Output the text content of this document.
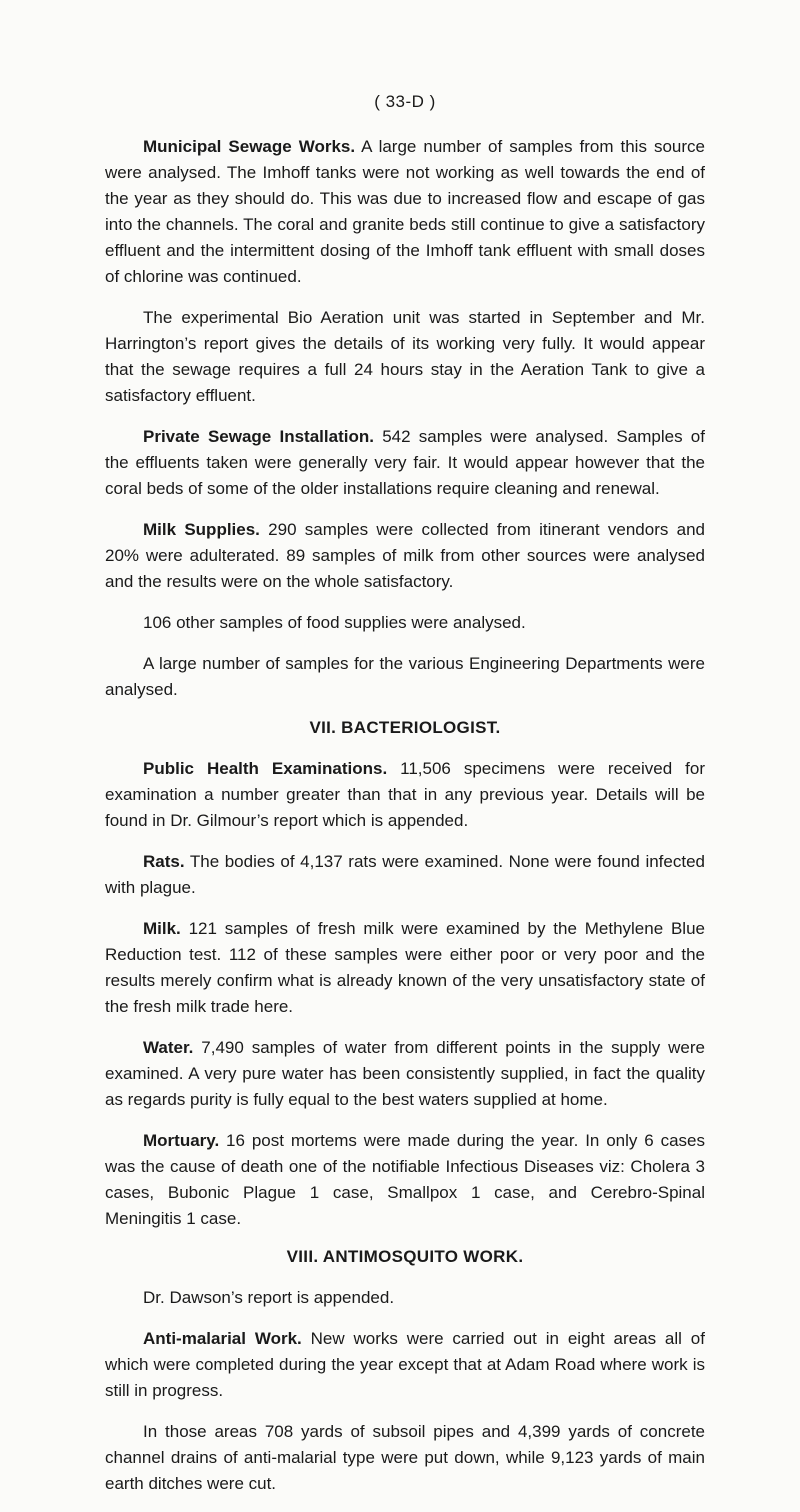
( 33-D )

Municipal Sewage Works. A large number of samples from this source were analysed. The Imhoff tanks were not working as well towards the end of the year as they should do. This was due to increased flow and escape of gas into the channels. The coral and granite beds still continue to give a satisfactory effluent and the intermittent dosing of the Imhoff tank effluent with small doses of chlorine was continued.

The experimental Bio Aeration unit was started in September and Mr. Harrington’s report gives the details of its working very fully. It would appear that the sewage requires a full 24 hours stay in the Aeration Tank to give a satisfactory effluent.

Private Sewage Installation. 542 samples were analysed. Samples of the effluents taken were generally very fair. It would appear however that the coral beds of some of the older installations require cleaning and renewal.

Milk Supplies. 290 samples were collected from itinerant vendors and 20% were adulterated. 89 samples of milk from other sources were analysed and the results were on the whole satisfactory.

106 other samples of food supplies were analysed.

A large number of samples for the various Engineering Departments were analysed.

VII. BACTERIOLOGIST.

Public Health Examinations. 11,506 specimens were received for examination a number greater than that in any previous year. Details will be found in Dr. Gilmour’s report which is appended.

Rats. The bodies of 4,137 rats were examined. None were found infected with plague.

Milk. 121 samples of fresh milk were examined by the Methylene Blue Reduction test. 112 of these samples were either poor or very poor and the results merely confirm what is already known of the very unsatisfactory state of the fresh milk trade here.

Water. 7,490 samples of water from different points in the supply were examined. A very pure water has been consistently supplied, in fact the quality as regards purity is fully equal to the best waters supplied at home.

Mortuary. 16 post mortems were made during the year. In only 6 cases was the cause of death one of the notifiable Infectious Diseases viz: Cholera 3 cases, Bubonic Plague 1 case, Smallpox 1 case, and Cerebro-Spinal Meningitis 1 case.

VIII. ANTIMOSQUITO WORK.

Dr. Dawson’s report is appended.

Anti-malarial Work. New works were carried out in eight areas all of which were completed during the year except that at Adam Road where work is still in progress.

In those areas 708 yards of subsoil pipes and 4,399 yards of concrete channel drains of anti-malarial type were put down, while 9,123 yards of main earth ditches were cut.
